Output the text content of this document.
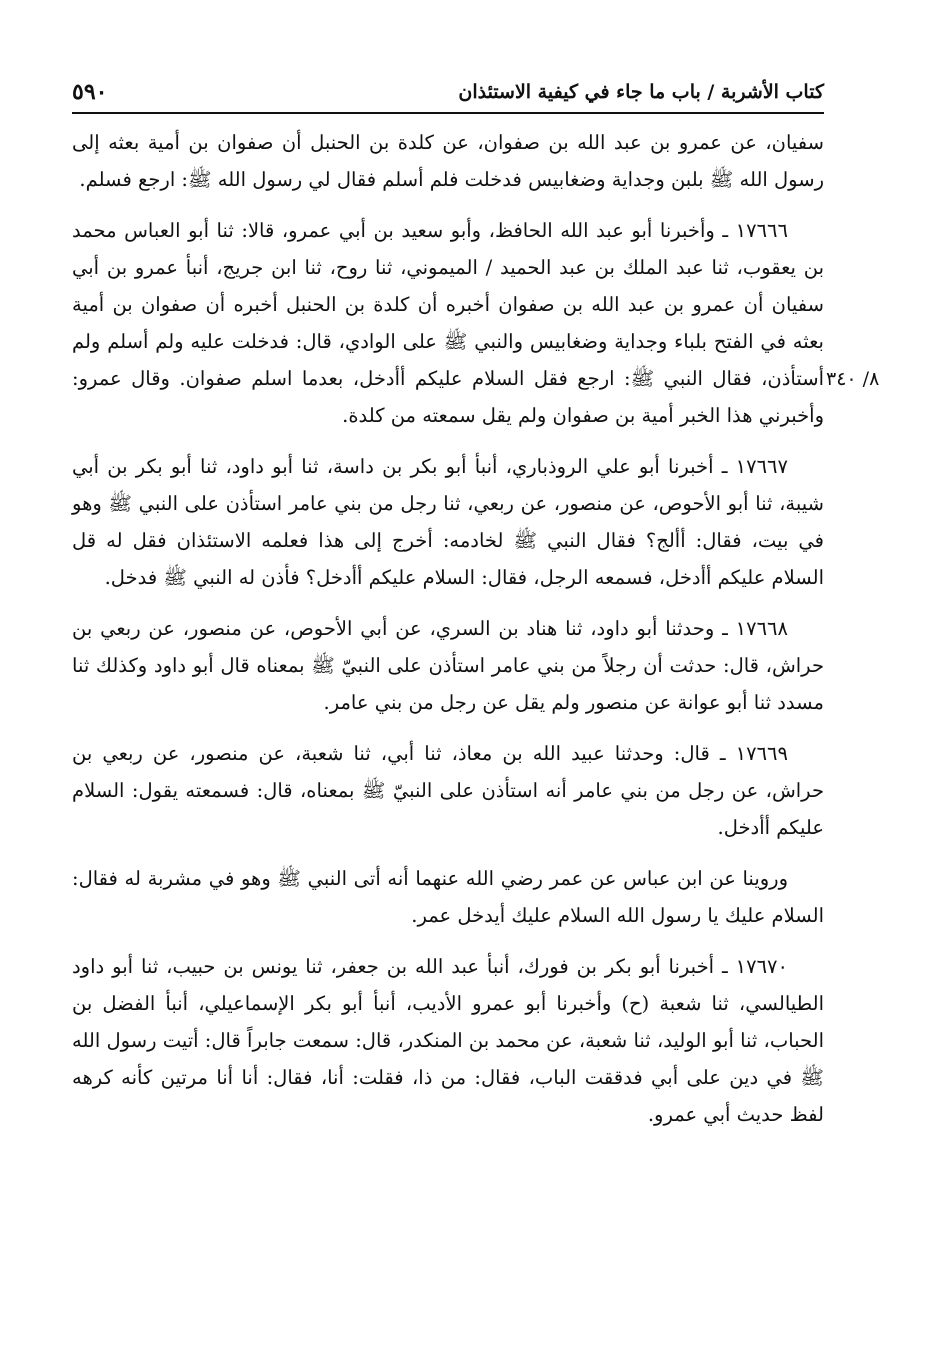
كتاب الأشربة / باب ما جاء في كيفية الاستئذان
٥٩٠
٨/ ٣٤٠

سفيان، عن عمرو بن عبد الله بن صفوان، عن كلدة بن الحنبل أن صفوان بن أمية بعثه إلى رسول الله ﷺ بلبن وجداية وضغابيس فدخلت فلم أسلم فقال لي رسول الله ﷺ: ارجع فسلم.

١٧٦٦٦ ـ وأخبرنا أبو عبد الله الحافظ، وأبو سعيد بن أبي عمرو، قالا: ثنا أبو العباس محمد بن يعقوب، ثنا عبد الملك بن عبد الحميد / الميموني، ثنا روح، ثنا ابن جريج، أنبأ عمرو بن أبي سفيان أن عمرو بن عبد الله بن صفوان أخبره أن كلدة بن الحنبل أخبره أن صفوان بن أمية بعثه في الفتح بلباء وجداية وضغابيس والنبي ﷺ على الوادي، قال: فدخلت عليه ولم أسلم ولم أستأذن، فقال النبي ﷺ: ارجع فقل السلام عليكم أأدخل، بعدما اسلم صفوان. وقال عمرو: وأخبرني هذا الخبر أمية بن صفوان ولم يقل سمعته من كلدة.

١٧٦٦٧ ـ أخبرنا أبو علي الروذباري، أنبأ أبو بكر بن داسة، ثنا أبو داود، ثنا أبو بكر بن أبي شيبة، ثنا أبو الأحوص، عن منصور، عن ربعي، ثنا رجل من بني عامر استأذن على النبي ﷺ وهو في بيت، فقال: أألج؟ فقال النبي ﷺ لخادمه: أخرج إلى هذا فعلمه الاستئذان فقل له قل السلام عليكم أأدخل، فسمعه الرجل، فقال: السلام عليكم أأدخل؟ فأذن له النبي ﷺ فدخل.

١٧٦٦٨ ـ وحدثنا أبو داود، ثنا هناد بن السري، عن أبي الأحوص، عن منصور، عن ربعي بن حراش، قال: حدثت أن رجلاً من بني عامر استأذن على النبيّ ﷺ بمعناه قال أبو داود وكذلك ثنا مسدد ثنا أبو عوانة عن منصور ولم يقل عن رجل من بني عامر.

١٧٦٦٩ ـ قال: وحدثنا عبيد الله بن معاذ، ثنا أبي، ثنا شعبة، عن منصور، عن ربعي بن حراش، عن رجل من بني عامر أنه استأذن على النبيّ ﷺ بمعناه، قال: فسمعته يقول: السلام عليكم أأدخل.

وروينا عن ابن عباس عن عمر رضي الله عنهما أنه أتى النبي ﷺ وهو في مشربة له فقال: السلام عليك يا رسول الله السلام عليك أيدخل عمر.

١٧٦٧٠ ـ أخبرنا أبو بكر بن فورك، أنبأ عبد الله بن جعفر، ثنا يونس بن حبيب، ثنا أبو داود الطيالسي، ثنا شعبة (ح) وأخبرنا أبو عمرو الأديب، أنبأ أبو بكر الإسماعيلي، أنبأ الفضل بن الحباب، ثنا أبو الوليد، ثنا شعبة، عن محمد بن المنكدر، قال: سمعت جابراً قال: أتيت رسول الله ﷺ في دين على أبي فدققت الباب، فقال: من ذا، فقلت: أنا، فقال: أنا أنا مرتين كأنه كرهه لفظ حديث أبي عمرو.
